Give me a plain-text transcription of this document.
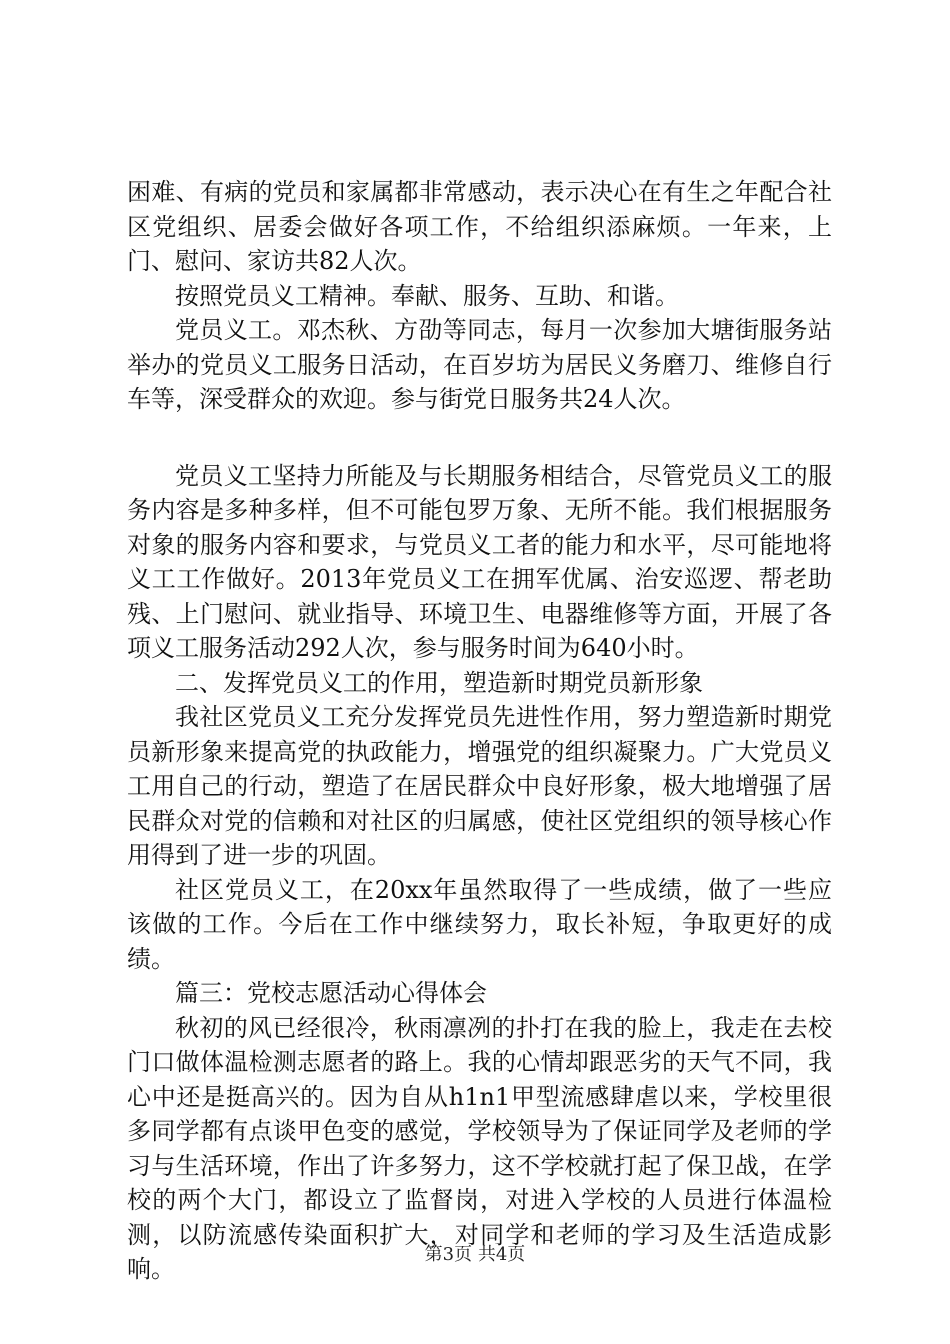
困难、有病的党员和家属都非常感动，表示决心在有生之年配合社区党组织、居委会做好各项工作，不给组织添麻烦。一年来，上门、慰问、家访共82人次。

按照党员义工精神。奉献、服务、互助、和谐。

党员义工。邓杰秋、方劭等同志，每月一次参加大塘街服务站举办的党员义工服务日活动，在百岁坊为居民义务磨刀、维修自行车等，深受群众的欢迎。参与街党日服务共24人次。

党员义工坚持力所能及与长期服务相结合，尽管党员义工的服务内容是多种多样，但不可能包罗万象、无所不能。我们根据服务对象的服务内容和要求，与党员义工者的能力和水平，尽可能地将义工工作做好。2013年党员义工在拥军优属、治安巡逻、帮老助残、上门慰问、就业指导、环境卫生、电器维修等方面，开展了各项义工服务活动292人次，参与服务时间为640小时。

二、发挥党员义工的作用，塑造新时期党员新形象

我社区党员义工充分发挥党员先进性作用，努力塑造新时期党员新形象来提高党的执政能力，增强党的组织凝聚力。广大党员义工用自己的行动，塑造了在居民群众中良好形象，极大地增强了居民群众对党的信赖和对社区的归属感，使社区党组织的领导核心作用得到了进一步的巩固。

社区党员义工，在20xx年虽然取得了一些成绩，做了一些应该做的工作。今后在工作中继续努力，取长补短，争取更好的成绩。

篇三：党校志愿活动心得体会

秋初的风已经很冷，秋雨凛冽的扑打在我的脸上，我走在去校门口做体温检测志愿者的路上。我的心情却跟恶劣的天气不同，我心中还是挺高兴的。因为自从h1n1甲型流感肆虐以来，学校里很多同学都有点谈甲色变的感觉，学校领导为了保证同学及老师的学习与生活环境，作出了许多努力，这不学校就打起了保卫战，在学校的两个大门，都设立了监督岗，对进入学校的人员进行体温检测，以防流感传染面积扩大，对同学和老师的学习及生活造成影响。

第3页 共4页
